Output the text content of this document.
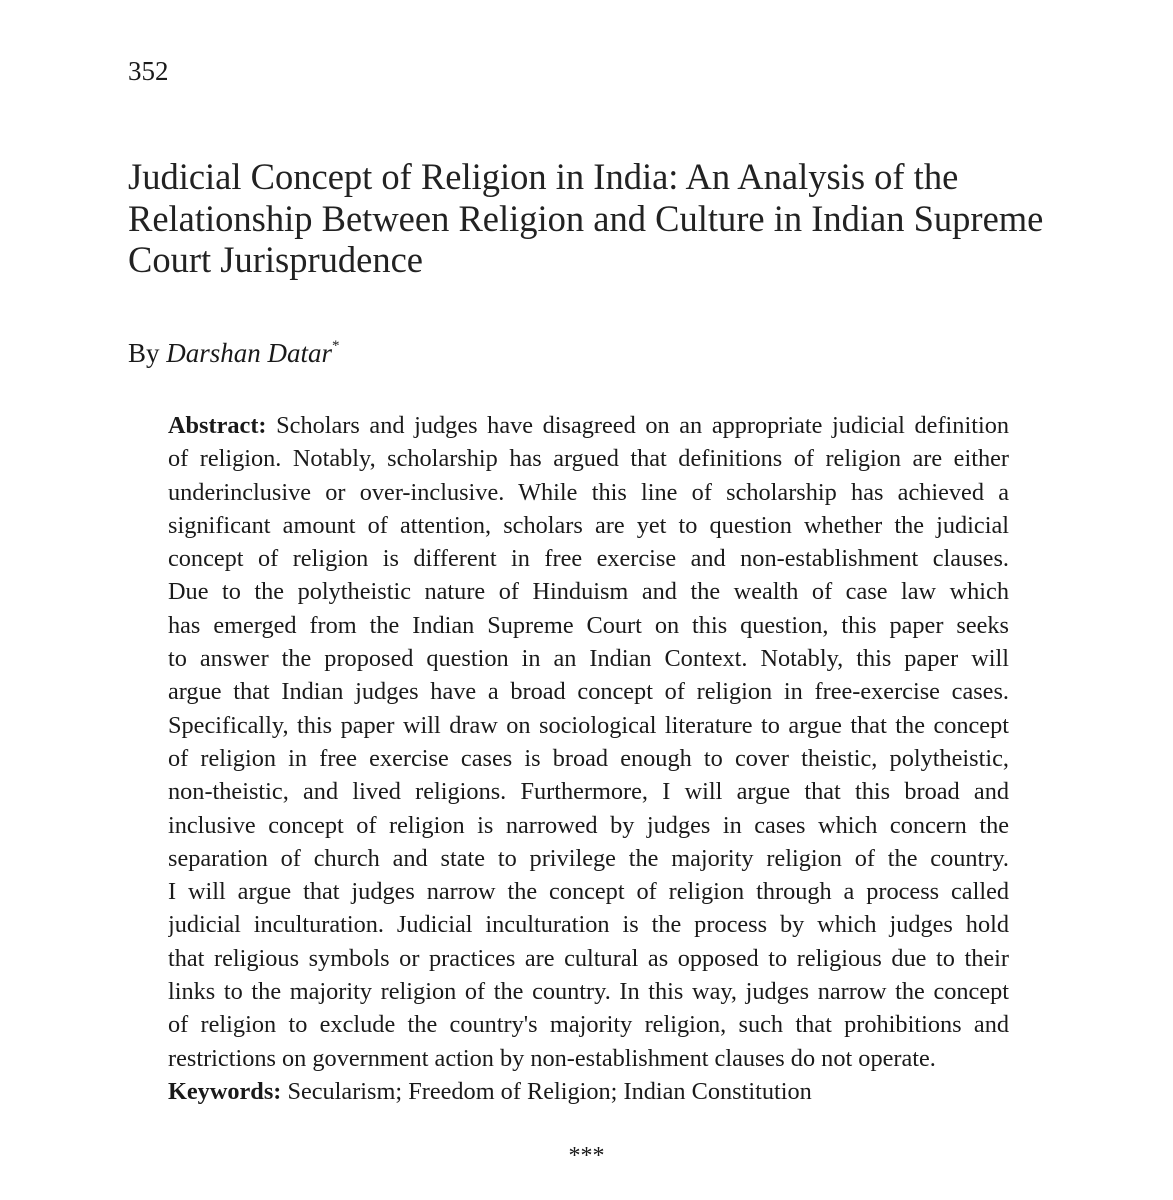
352
Judicial Concept of Religion in India: An Analysis of the
Relationship Between Religion and Culture in Indian Supreme
Court Jurisprudence
By Darshan Datar*
Abstract: Scholars and judges have disagreed on an appropriate judicial definition
of religion. Notably, scholarship has argued that definitions of religion are either
underinclusive or over-inclusive. While this line of scholarship has achieved a
significant amount of attention, scholars are yet to question whether the judicial
concept of religion is different in free exercise and non-establishment clauses.
Due to the polytheistic nature of Hinduism and the wealth of case law which
has emerged from the Indian Supreme Court on this question, this paper seeks
to answer the proposed question in an Indian Context. Notably, this paper will
argue that Indian judges have a broad concept of religion in free-exercise cases.
Specifically, this paper will draw on sociological literature to argue that the concept
of religion in free exercise cases is broad enough to cover theistic, polytheistic,
non-theistic, and lived religions. Furthermore, I will argue that this broad and
inclusive concept of religion is narrowed by judges in cases which concern the
separation of church and state to privilege the majority religion of the country.
I will argue that judges narrow the concept of religion through a process called
judicial inculturation. Judicial inculturation is the process by which judges hold
that religious symbols or practices are cultural as opposed to religious due to their
links to the majority religion of the country. In this way, judges narrow the concept
of religion to exclude the country's majority religion, such that prohibitions and
restrictions on government action by non-establishment clauses do not operate.
Keywords: Secularism; Freedom of Religion; Indian Constitution
***
